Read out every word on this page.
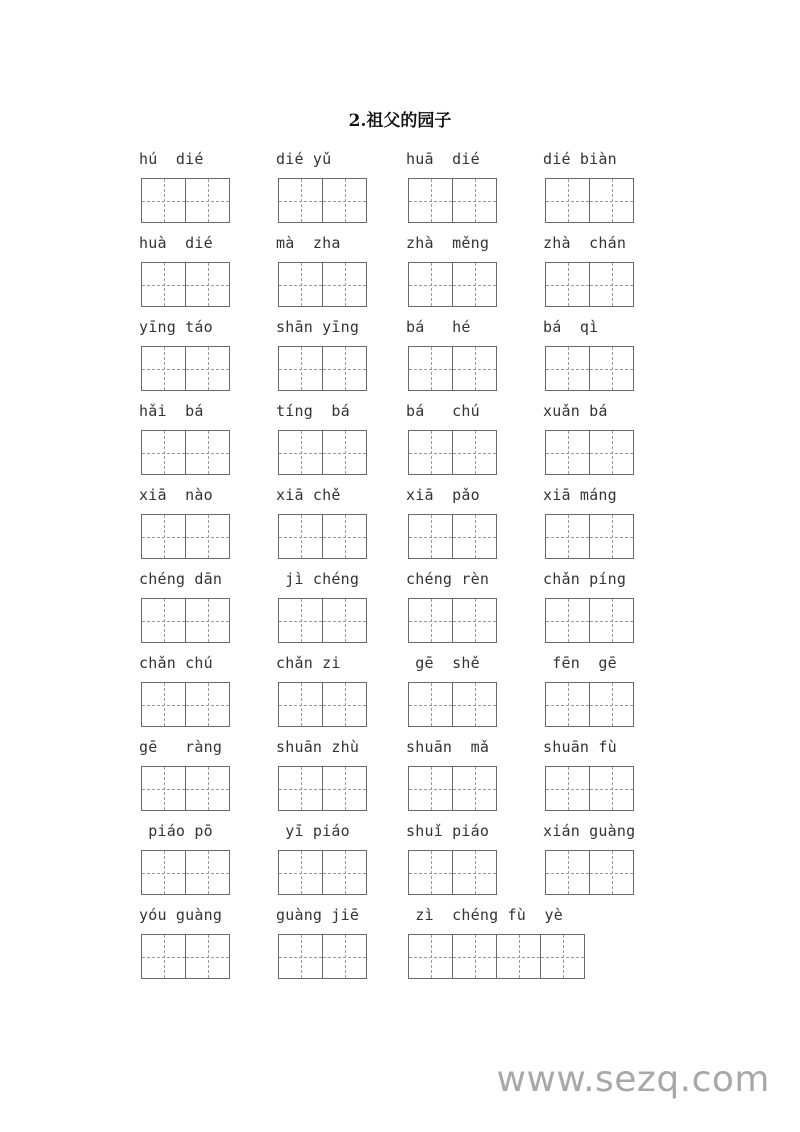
2.祖父的园子
hú  dié	dié yǔ	huā  dié	dié biàn
huà  dié	mà  zha	zhà  měng	zhà  chán
yīng táo	shān yīng	bá   hé	bá  qì
hǎi  bá	tíng  bá	bá   chú	xuǎn bá
xiā  nào	xiā chě	xiā  pǎo	xiā máng
chéng dān	jì chéng	chéng rèn	chǎn píng
chǎn chú	chǎn zi	gē  shě	fēn  gē
gē   ràng	shuān zhù	shuān  mǎ	shuān fù
piáo pō	yī piáo	shuǐ piáo	xián guàng
yóu guàng	guàng jiē	zì  chéng fù  yè
www.sezq.com
